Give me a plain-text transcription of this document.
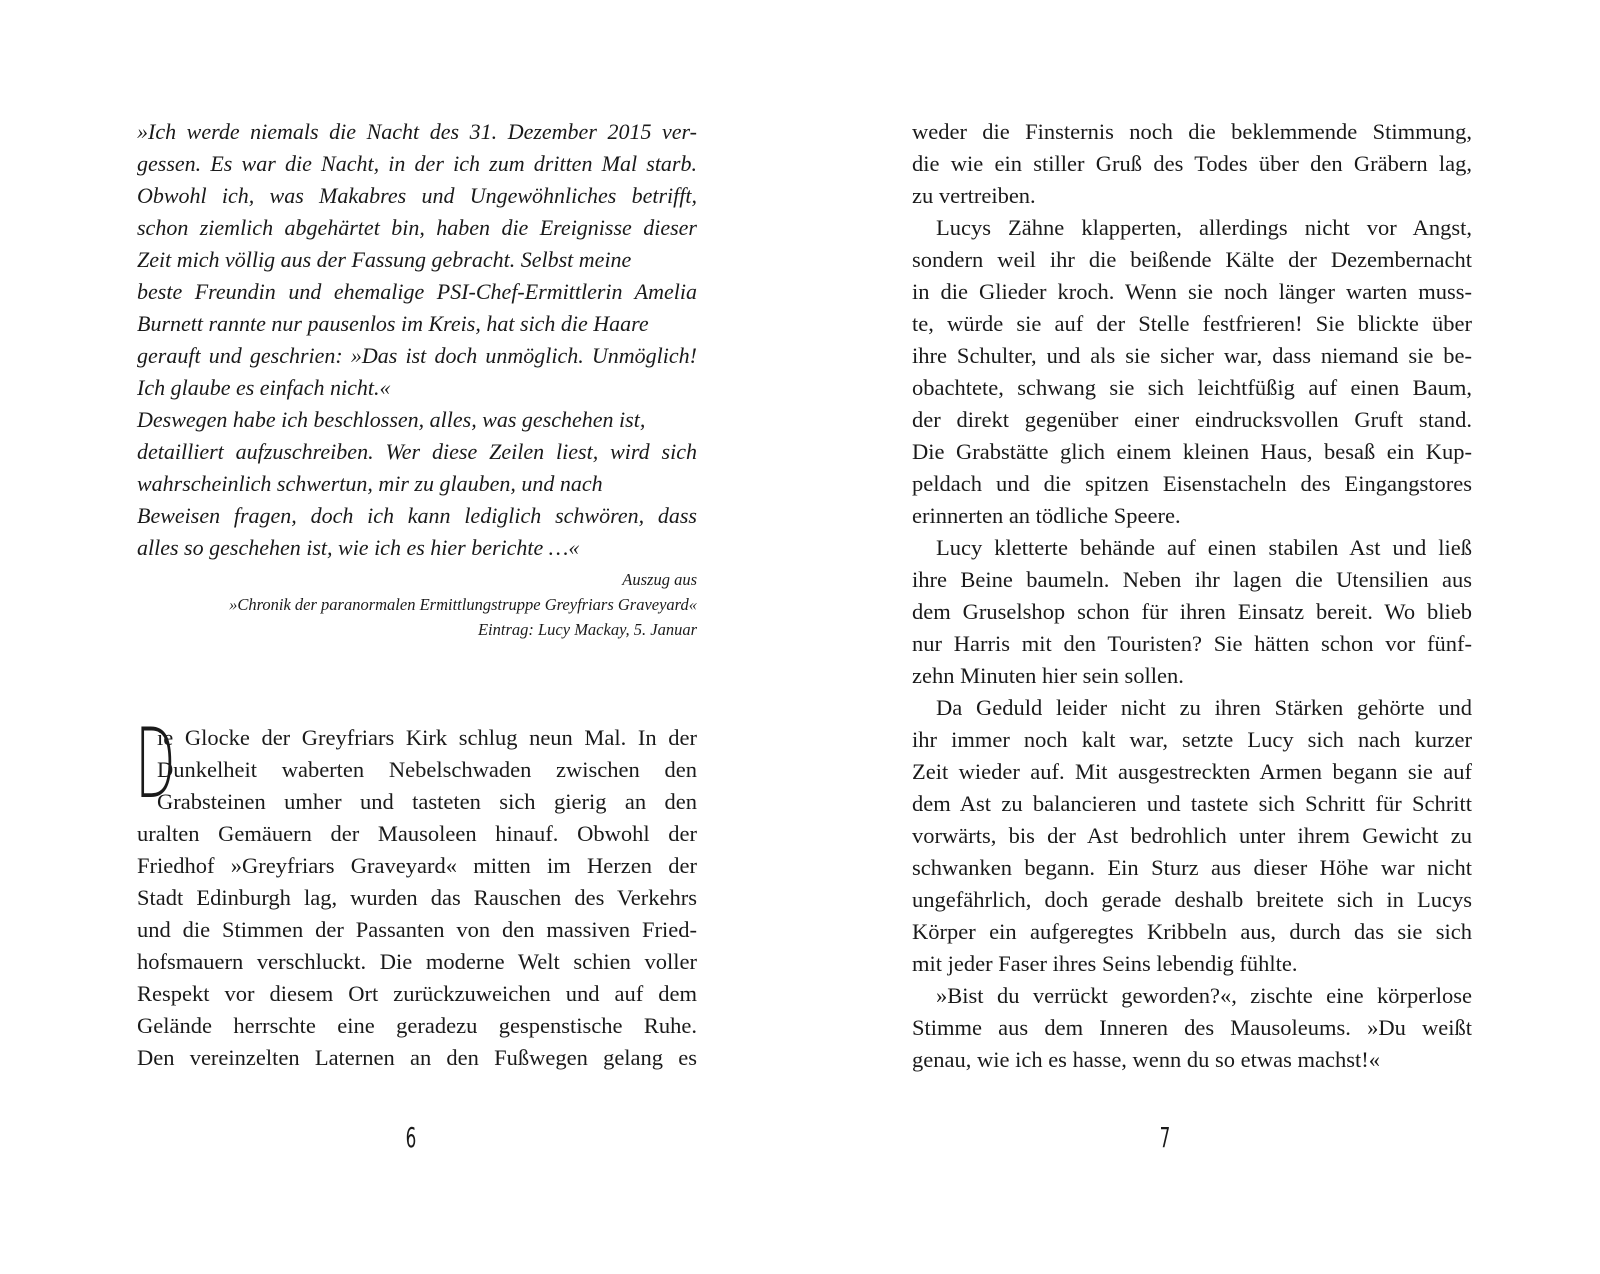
»Ich werde niemals die Nacht des 31. Dezember 2015 ver-
gessen. Es war die Nacht, in der ich zum dritten Mal starb.
Obwohl ich, was Makabres und Ungewöhnliches betrifft,
schon ziemlich abgehärtet bin, haben die Ereignisse dieser
Zeit mich völlig aus der Fassung gebracht. Selbst meine
beste Freundin und ehemalige PSI-Chef-Ermittlerin Amelia
Burnett rannte nur pausenlos im Kreis, hat sich die Haare
gerauft und geschrien: »Das ist doch unmöglich. Unmöglich!
Ich glaube es einfach nicht.«
Deswegen habe ich beschlossen, alles, was geschehen ist,
detailliert aufzuschreiben. Wer diese Zeilen liest, wird sich
wahrscheinlich schwertun, mir zu glauben, und nach
Beweisen fragen, doch ich kann lediglich schwören, dass
alles so geschehen ist, wie ich es hier berichte …«
Auszug aus
»Chronik der paranormalen Ermittlungstruppe Greyfriars Graveyard«
Eintrag: Lucy Mackay, 5. Januar
D
ie Glocke der Greyfriars Kirk schlug neun Mal. In der
Dunkelheit waberten Nebelschwaden zwischen den
Grabsteinen umher und tasteten sich gierig an den
uralten Gemäuern der Mausoleen hinauf. Obwohl der
Friedhof »Greyfriars Graveyard« mitten im Herzen der
Stadt Edinburgh lag, wurden das Rauschen des Verkehrs
und die Stimmen der Passanten von den massiven Fried-
hofsmauern verschluckt. Die moderne Welt schien voller
Respekt vor diesem Ort zurückzuweichen und auf dem
Gelände herrschte eine geradezu gespenstische Ruhe.
Den vereinzelten Laternen an den Fußwegen gelang es
6
weder die Finsternis noch die beklemmende Stimmung,
die wie ein stiller Gruß des Todes über den Gräbern lag,
zu vertreiben.
Lucys Zähne klapperten, allerdings nicht vor Angst,
sondern weil ihr die beißende Kälte der Dezembernacht
in die Glieder kroch. Wenn sie noch länger warten muss-
te, würde sie auf der Stelle festfrieren! Sie blickte über
ihre Schulter, und als sie sicher war, dass niemand sie be-
obachtete, schwang sie sich leichtfüßig auf einen Baum,
der direkt gegenüber einer eindrucksvollen Gruft stand.
Die Grabstätte glich einem kleinen Haus, besaß ein Kup-
peldach und die spitzen Eisenstacheln des Eingangstores
erinnerten an tödliche Speere.
Lucy kletterte behände auf einen stabilen Ast und ließ
ihre Beine baumeln. Neben ihr lagen die Utensilien aus
dem Gruselshop schon für ihren Einsatz bereit. Wo blieb
nur Harris mit den Touristen? Sie hätten schon vor fünf-
zehn Minuten hier sein sollen.
Da Geduld leider nicht zu ihren Stärken gehörte und
ihr immer noch kalt war, setzte Lucy sich nach kurzer
Zeit wieder auf. Mit ausgestreckten Armen begann sie auf
dem Ast zu balancieren und tastete sich Schritt für Schritt
vorwärts, bis der Ast bedrohlich unter ihrem Gewicht zu
schwanken begann. Ein Sturz aus dieser Höhe war nicht
ungefährlich, doch gerade deshalb breitete sich in Lucys
Körper ein aufgeregtes Kribbeln aus, durch das sie sich
mit jeder Faser ihres Seins lebendig fühlte.
»Bist du verrückt geworden?«, zischte eine körperlose
Stimme aus dem Inneren des Mausoleums. »Du weißt
genau, wie ich es hasse, wenn du so etwas machst!«
7
